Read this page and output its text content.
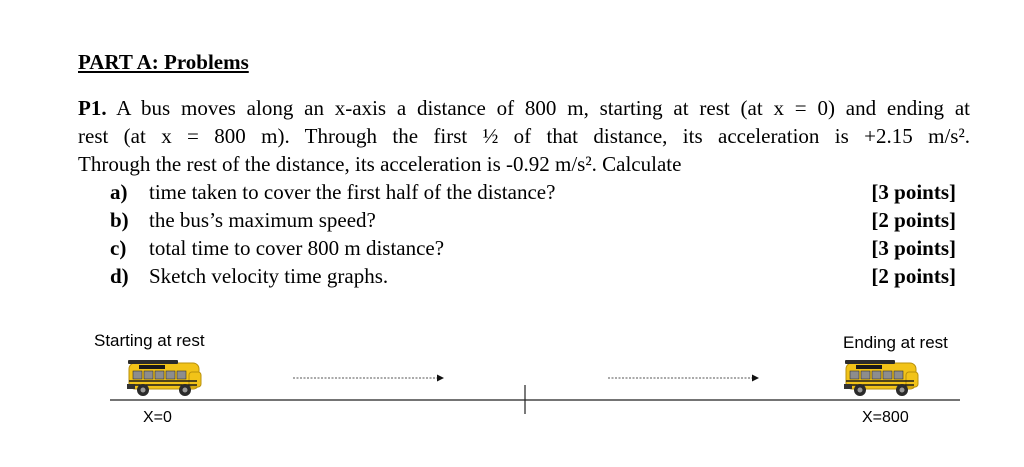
PART A: Problems
P1. A bus moves along an x-axis a distance of 800 m, starting at rest (at x = 0) and ending at
rest (at x = 800 m). Through the first ½ of that distance, its acceleration is +2.15 m/s².
Through the rest of the distance, its acceleration is -0.92 m/s². Calculate
a) time taken to cover the first half of the distance?	[3 points]
b) the bus’s maximum speed?	[2 points]
c) total time to cover 800 m distance?	[3 points]
d) Sketch velocity time graphs.	[2 points]
Starting at rest	Ending at rest
X=0	X=800
